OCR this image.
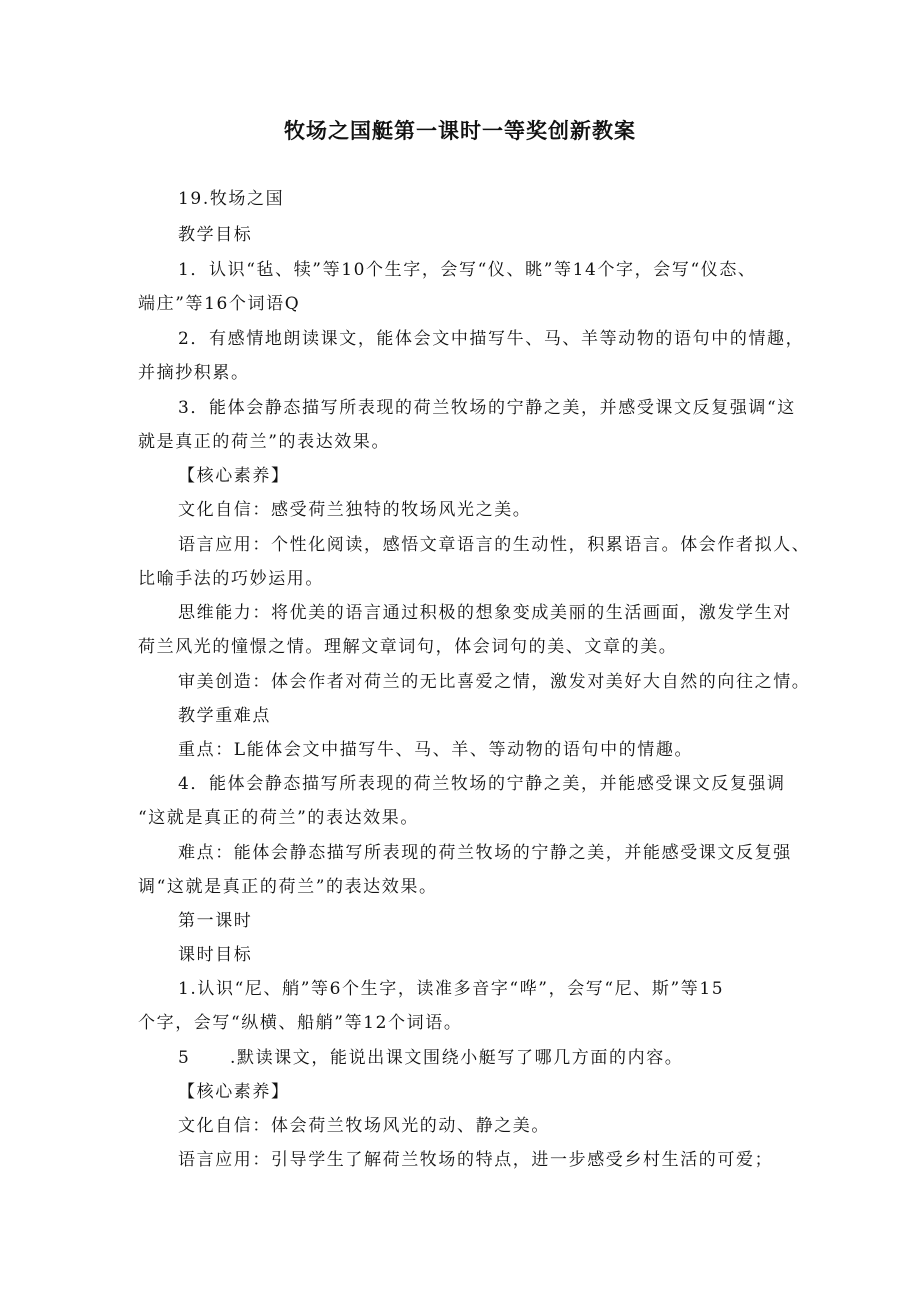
牧场之国艇第一课时一等奖创新教案
19.牧场之国
教学目标
1．认识“毡、犊”等10个生字，会写“仪、眺”等14个字，会写“仪态、
端庄”等16个词语Q
2．有感情地朗读课文，能体会文中描写牛、马、羊等动物的语句中的情趣，
并摘抄积累。
3．能体会静态描写所表现的荷兰牧场的宁静之美，并感受课文反复强调“这
就是真正的荷兰”的表达效果。
【核心素养】
文化自信：感受荷兰独特的牧场风光之美。
语言应用：个性化阅读，感悟文章语言的生动性，积累语言。体会作者拟人、
比喻手法的巧妙运用。
思维能力：将优美的语言通过积极的想象变成美丽的生活画面，激发学生对
荷兰风光的憧憬之情。理解文章词句，体会词句的美、文章的美。
审美创造：体会作者对荷兰的无比喜爱之情，激发对美好大自然的向往之情。
教学重难点
重点：L能体会文中描写牛、马、羊、等动物的语句中的情趣。
4．能体会静态描写所表现的荷兰牧场的宁静之美，并能感受课文反复强调
“这就是真正的荷兰”的表达效果。
难点：能体会静态描写所表现的荷兰牧场的宁静之美，并能感受课文反复强
调“这就是真正的荷兰”的表达效果。
第一课时
课时目标
1.认识“尼、艄”等6个生字，读准多音字“哗”，会写“尼、斯”等15
个字，会写“纵横、船艄”等12个词语。
5 .默读课文，能说出课文围绕小艇写了哪几方面的内容。
【核心素养】
文化自信：体会荷兰牧场风光的动、静之美。
语言应用：引导学生了解荷兰牧场的特点，进一步感受乡村生活的可爱；
